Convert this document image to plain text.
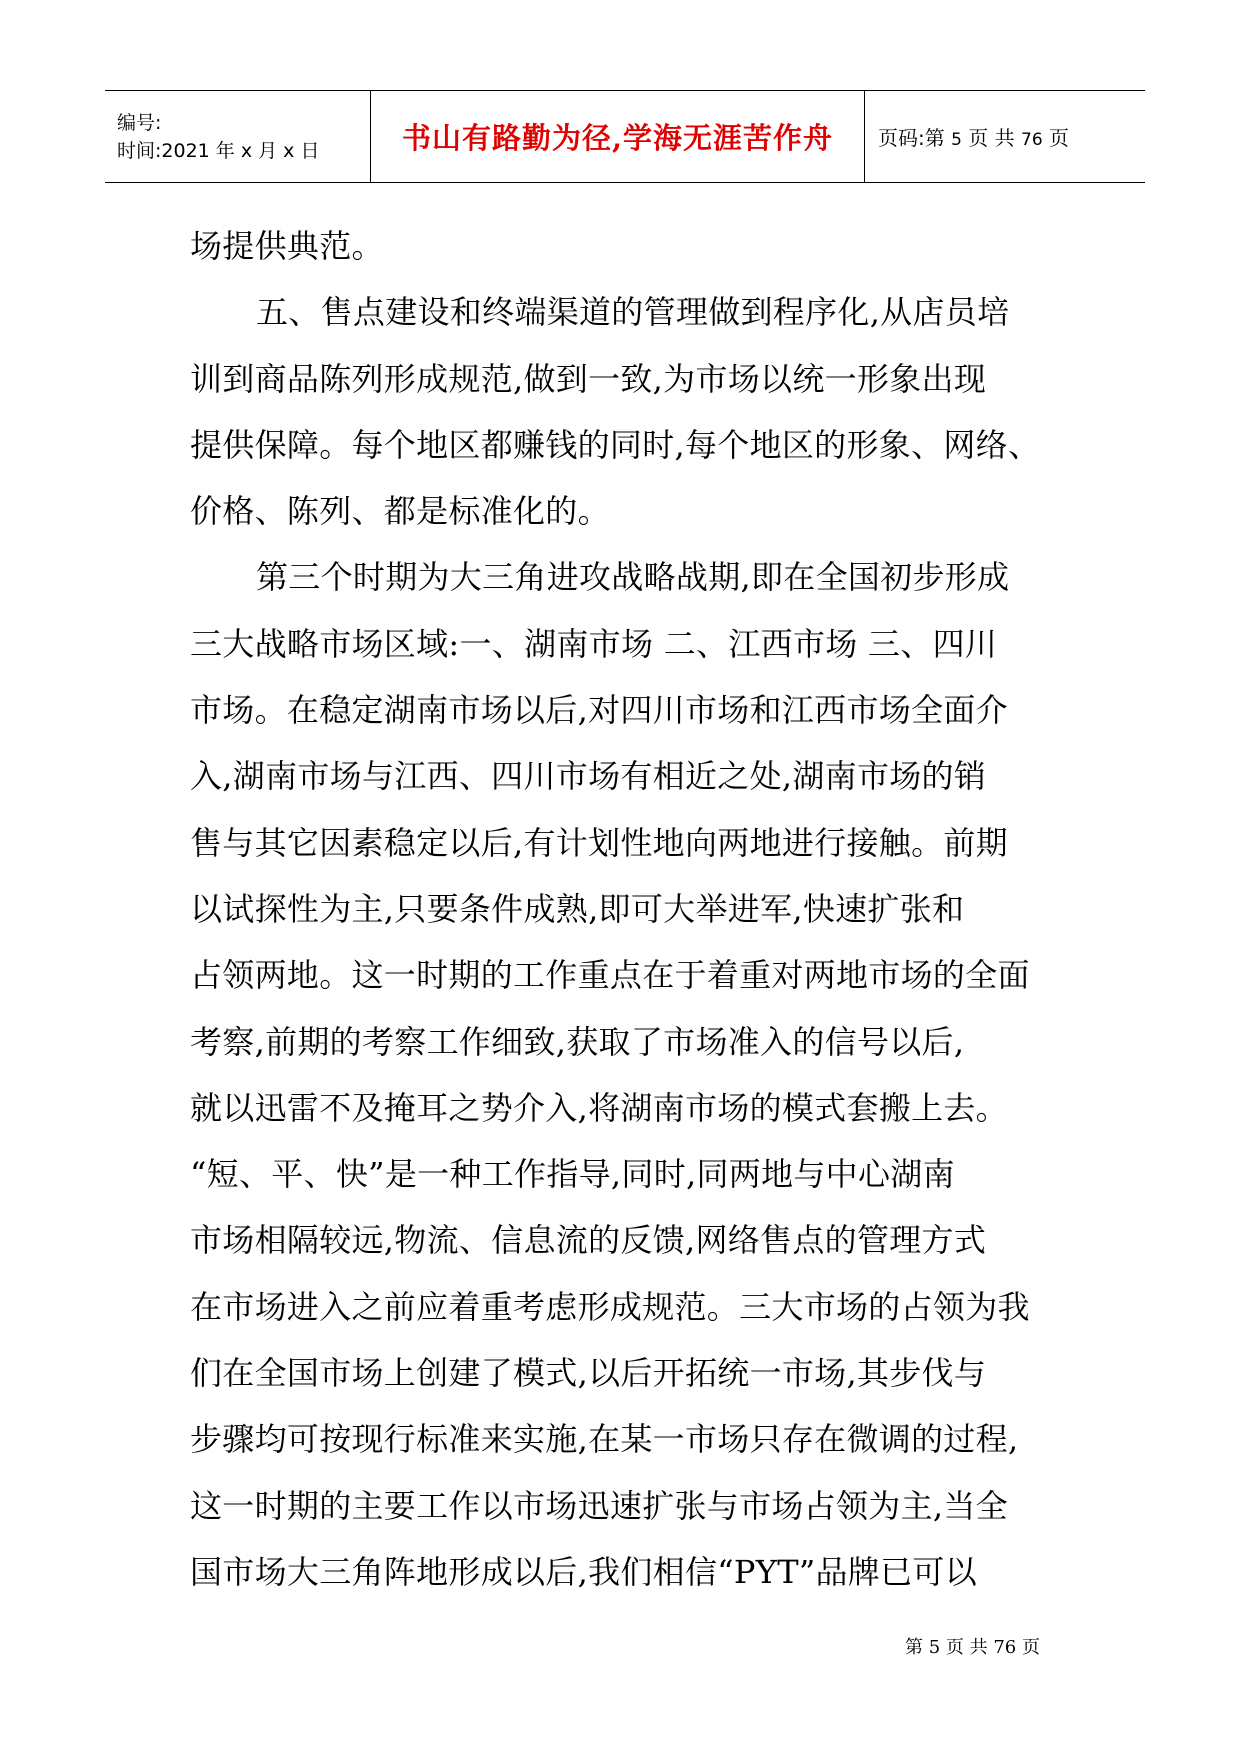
编号:
时间:2021 年 x 月 x 日	书山有路勤为径,学海无涯苦作舟 页码:第 5 页 共 76 页
场提供典范。
五、售点建设和终端渠道的管理做到程序化,从店员培
训到商品陈列形成规范,做到一致,为市场以统一形象出现
提供保障。每个地区都赚钱的同时,每个地区的形象、网络、
价格、陈列、都是标准化的。
第三个时期为大三角进攻战略战期,即在全国初步形成
三大战略市场区域:一、湖南市场 二、江西市场 三、四川
市场。在稳定湖南市场以后,对四川市场和江西市场全面介
入,湖南市场与江西、四川市场有相近之处,湖南市场的销
售与其它因素稳定以后,有计划性地向两地进行接触。前期
以试探性为主,只要条件成熟,即可大举进军,快速扩张和
占领两地。这一时期的工作重点在于着重对两地市场的全面
考察,前期的考察工作细致,获取了市场准入的信号以后,
就以迅雷不及掩耳之势介入,将湖南市场的模式套搬上去。
“短、平、快”是一种工作指导,同时,同两地与中心湖南
市场相隔较远,物流、信息流的反馈,网络售点的管理方式
在市场进入之前应着重考虑形成规范。三大市场的占领为我
们在全国市场上创建了模式,以后开拓统一市场,其步伐与
步骤均可按现行标准来实施,在某一市场只存在微调的过程,
这一时期的主要工作以市场迅速扩张与市场占领为主,当全
国市场大三角阵地形成以后,我们相信“PYT”品牌已可以
第 5 页 共 76 页
